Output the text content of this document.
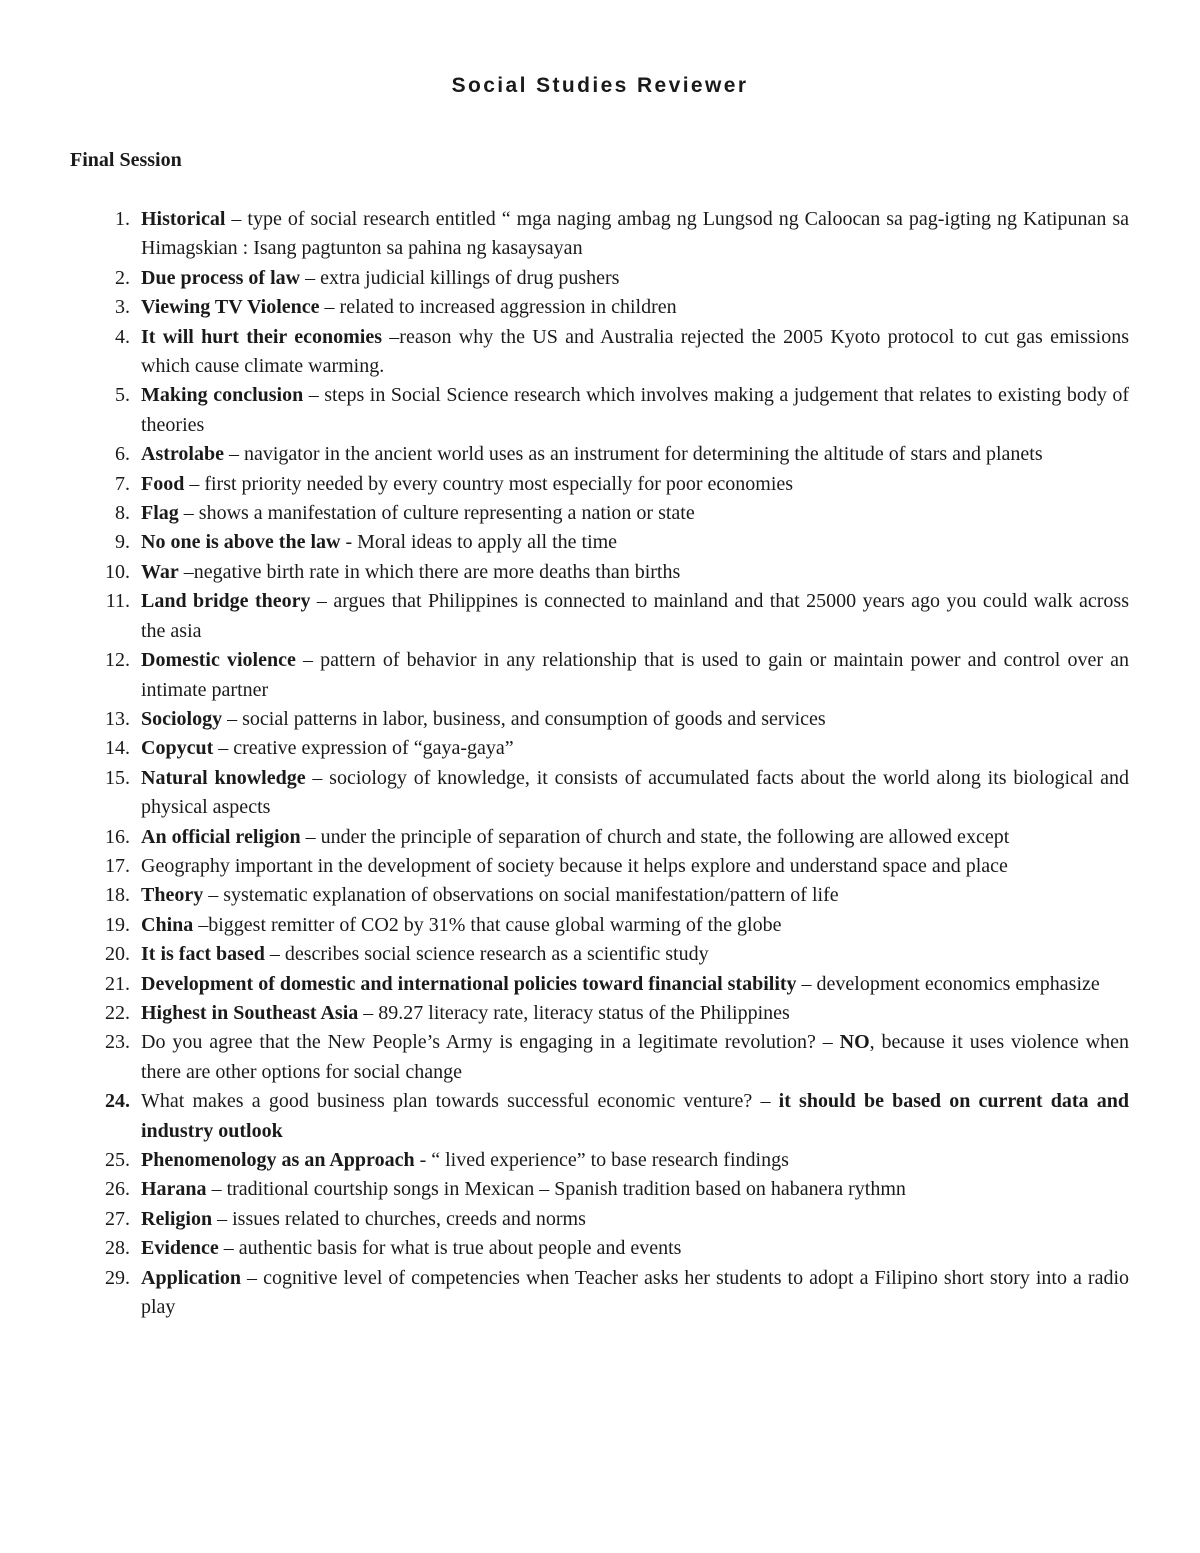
Social Studies Reviewer
Final Session
1. Historical – type of social research entitled “ mga naging ambag ng Lungsod ng Caloocan sa pag-igting ng Katipunan sa Himagskian : Isang pagtunton sa pahina ng kasaysayan
2. Due process of law – extra judicial killings of drug pushers
3. Viewing TV Violence – related to increased aggression in children
4. It will hurt their economies –reason why the US and Australia rejected the 2005 Kyoto protocol to cut gas emissions which cause climate warming.
5. Making conclusion – steps in Social Science research which involves making a judgement that relates to existing body of theories
6. Astrolabe – navigator in the ancient world uses as an instrument for determining the altitude of stars and planets
7. Food – first priority needed by every country most especially for poor economies
8. Flag – shows a manifestation of culture representing a nation or state
9. No one is above the law - Moral ideas to apply all the time
10. War –negative birth rate in which there are more deaths than births
11. Land bridge theory – argues that Philippines is connected to mainland and that 25000 years ago you could walk across the asia
12. Domestic violence – pattern of behavior in any relationship that is used to gain or maintain power and control over an intimate partner
13. Sociology – social patterns in labor, business, and consumption of goods and services
14. Copycut – creative expression of “gaya-gaya”
15. Natural knowledge – sociology of knowledge, it consists of accumulated facts about the world along its biological and physical aspects
16. An official religion – under the principle of separation of church and state, the following are allowed except
17. Geography important in the development of society because it helps explore and understand space and place
18. Theory – systematic explanation of observations on social manifestation/pattern of life
19. China –biggest remitter of CO2 by 31% that cause global warming of the globe
20. It is fact based – describes social science research as a scientific study
21. Development of domestic and international policies toward financial stability – development economics emphasize
22. Highest in Southeast Asia – 89.27 literacy rate, literacy status of the Philippines
23. Do you agree that the New People’s Army is engaging in a legitimate revolution? – NO, because it uses violence when there are other options for social change
24. What makes a good business plan towards successful economic venture? – it should be based on current data and industry outlook
25. Phenomenology as an Approach - “ lived experience” to base research findings
26. Harana – traditional courtship songs in Mexican – Spanish tradition based on habanera rythmn
27. Religion – issues related to churches, creeds and norms
28. Evidence – authentic basis for what is true about people and events
29. Application – cognitive level of competencies when Teacher asks her students to adopt a Filipino short story into a radio play
